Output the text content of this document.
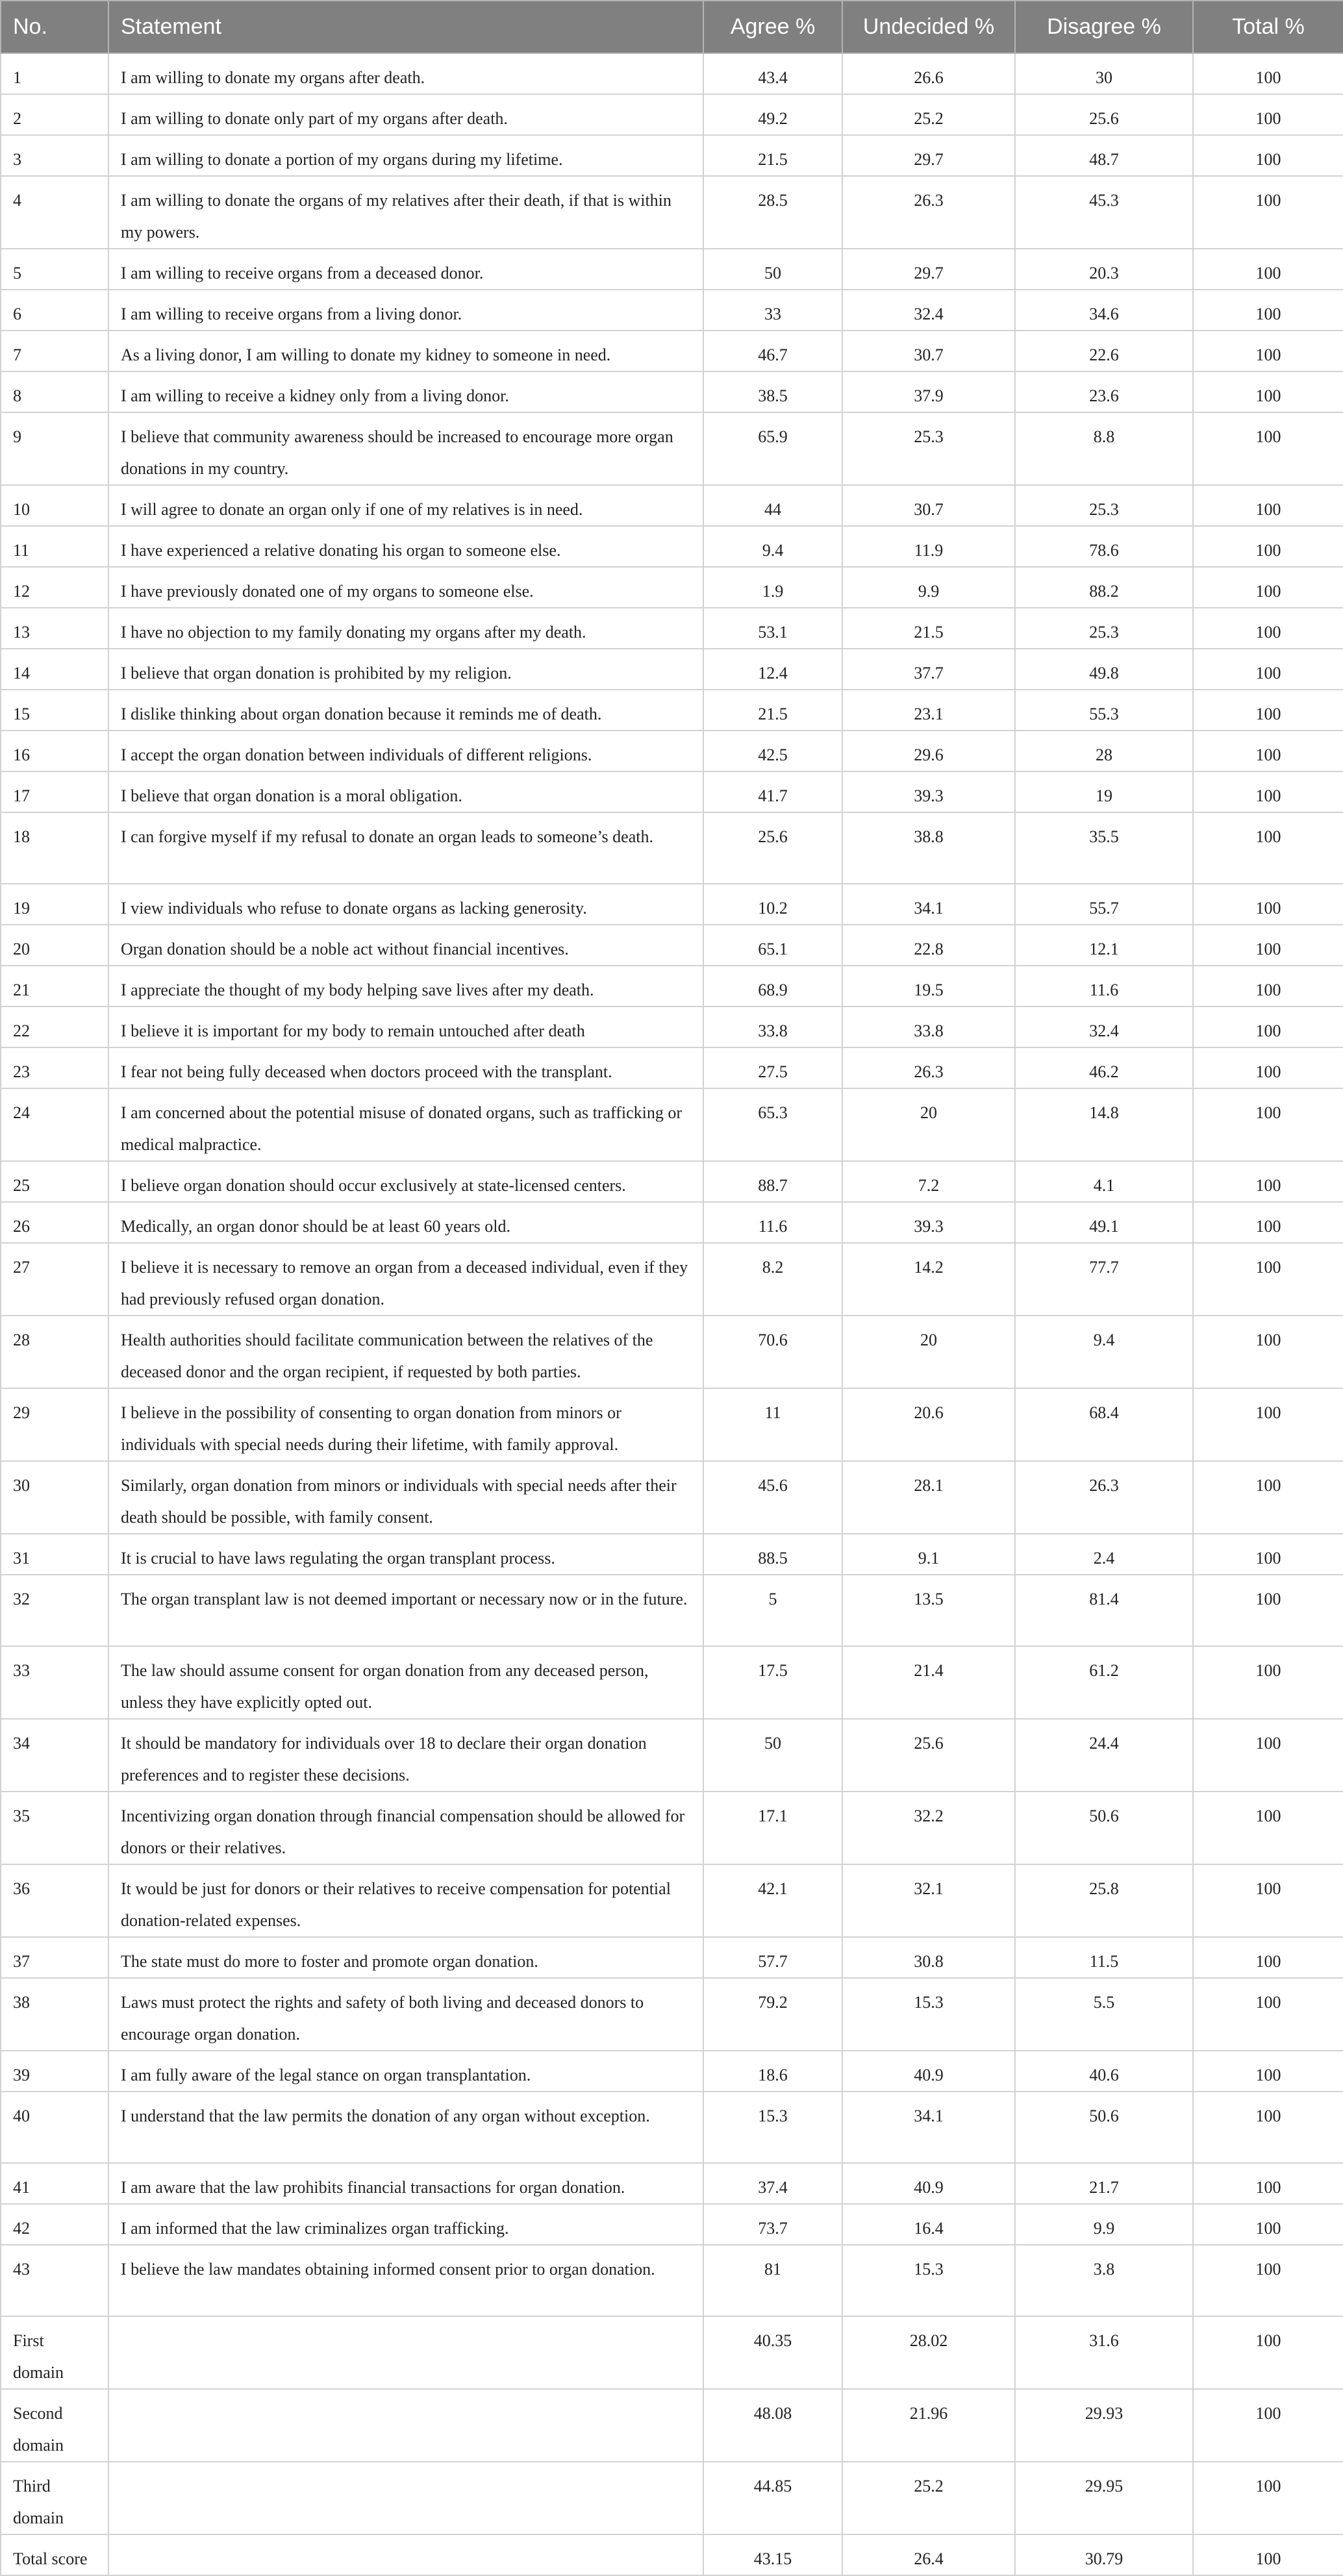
No.	Statement	Agree %	Undecided %	Disagree %	Total %
1	I am willing to donate my organs after death.	43.4	26.6	30	100
2	I am willing to donate only part of my organs after death.	49.2	25.2	25.6	100
3	I am willing to donate a portion of my organs during my lifetime.	21.5	29.7	48.7	100
4	I am willing to donate the organs of my relatives after their death, if that is within my powers.	28.5	26.3	45.3	100
5	I am willing to receive organs from a deceased donor.	50	29.7	20.3	100
6	I am willing to receive organs from a living donor.	33	32.4	34.6	100
7	As a living donor, I am willing to donate my kidney to someone in need.	46.7	30.7	22.6	100
8	I am willing to receive a kidney only from a living donor.	38.5	37.9	23.6	100
9	I believe that community awareness should be increased to encourage more organ donations in my country.	65.9	25.3	8.8	100
10	I will agree to donate an organ only if one of my relatives is in need.	44	30.7	25.3	100
11	I have experienced a relative donating his organ to someone else.	9.4	11.9	78.6	100
12	I have previously donated one of my organs to someone else.	1.9	9.9	88.2	100
13	I have no objection to my family donating my organs after my death.	53.1	21.5	25.3	100
14	I believe that organ donation is prohibited by my religion.	12.4	37.7	49.8	100
15	I dislike thinking about organ donation because it reminds me of death.	21.5	23.1	55.3	100
16	I accept the organ donation between individuals of different religions.	42.5	29.6	28	100
17	I believe that organ donation is a moral obligation.	41.7	39.3	19	100
18	I can forgive myself if my refusal to donate an organ leads to someone’s death.	25.6	38.8	35.5	100
19	I view individuals who refuse to donate organs as lacking generosity.	10.2	34.1	55.7	100
20	Organ donation should be a noble act without financial incentives.	65.1	22.8	12.1	100
21	I appreciate the thought of my body helping save lives after my death.	68.9	19.5	11.6	100
22	I believe it is important for my body to remain untouched after death	33.8	33.8	32.4	100
23	I fear not being fully deceased when doctors proceed with the transplant.	27.5	26.3	46.2	100
24	I am concerned about the potential misuse of donated organs, such as trafficking or medical malpractice.	65.3	20	14.8	100
25	I believe organ donation should occur exclusively at state-licensed centers.	88.7	7.2	4.1	100
26	Medically, an organ donor should be at least 60 years old.	11.6	39.3	49.1	100
27	I believe it is necessary to remove an organ from a deceased individual, even if they had previously refused organ donation.	8.2	14.2	77.7	100
28	Health authorities should facilitate communication between the relatives of the deceased donor and the organ recipient, if requested by both parties.	70.6	20	9.4	100
29	I believe in the possibility of consenting to organ donation from minors or individuals with special needs during their lifetime, with family approval.	11	20.6	68.4	100
30	Similarly, organ donation from minors or individuals with special needs after their death should be possible, with family consent.	45.6	28.1	26.3	100
31	It is crucial to have laws regulating the organ transplant process.	88.5	9.1	2.4	100
32	The organ transplant law is not deemed important or necessary now or in the future.	5	13.5	81.4	100
33	The law should assume consent for organ donation from any deceased person, unless they have explicitly opted out.	17.5	21.4	61.2	100
34	It should be mandatory for individuals over 18 to declare their organ donation preferences and to register these decisions.	50	25.6	24.4	100
35	Incentivizing organ donation through financial compensation should be allowed for donors or their relatives.	17.1	32.2	50.6	100
36	It would be just for donors or their relatives to receive compensation for potential donation-related expenses.	42.1	32.1	25.8	100
37	The state must do more to foster and promote organ donation.	57.7	30.8	11.5	100
38	Laws must protect the rights and safety of both living and deceased donors to encourage organ donation.	79.2	15.3	5.5	100
39	I am fully aware of the legal stance on organ transplantation.	18.6	40.9	40.6	100
40	I understand that the law permits the donation of any organ without exception.	15.3	34.1	50.6	100
41	I am aware that the law prohibits financial transactions for organ donation.	37.4	40.9	21.7	100
42	I am informed that the law criminalizes organ trafficking.	73.7	16.4	9.9	100
43	I believe the law mandates obtaining informed consent prior to organ donation.	81	15.3	3.8	100
First domain		40.35	28.02	31.6	100
Second domain		48.08	21.96	29.93	100
Third domain		44.85	25.2	29.95	100
Total score		43.15	26.4	30.79	100
